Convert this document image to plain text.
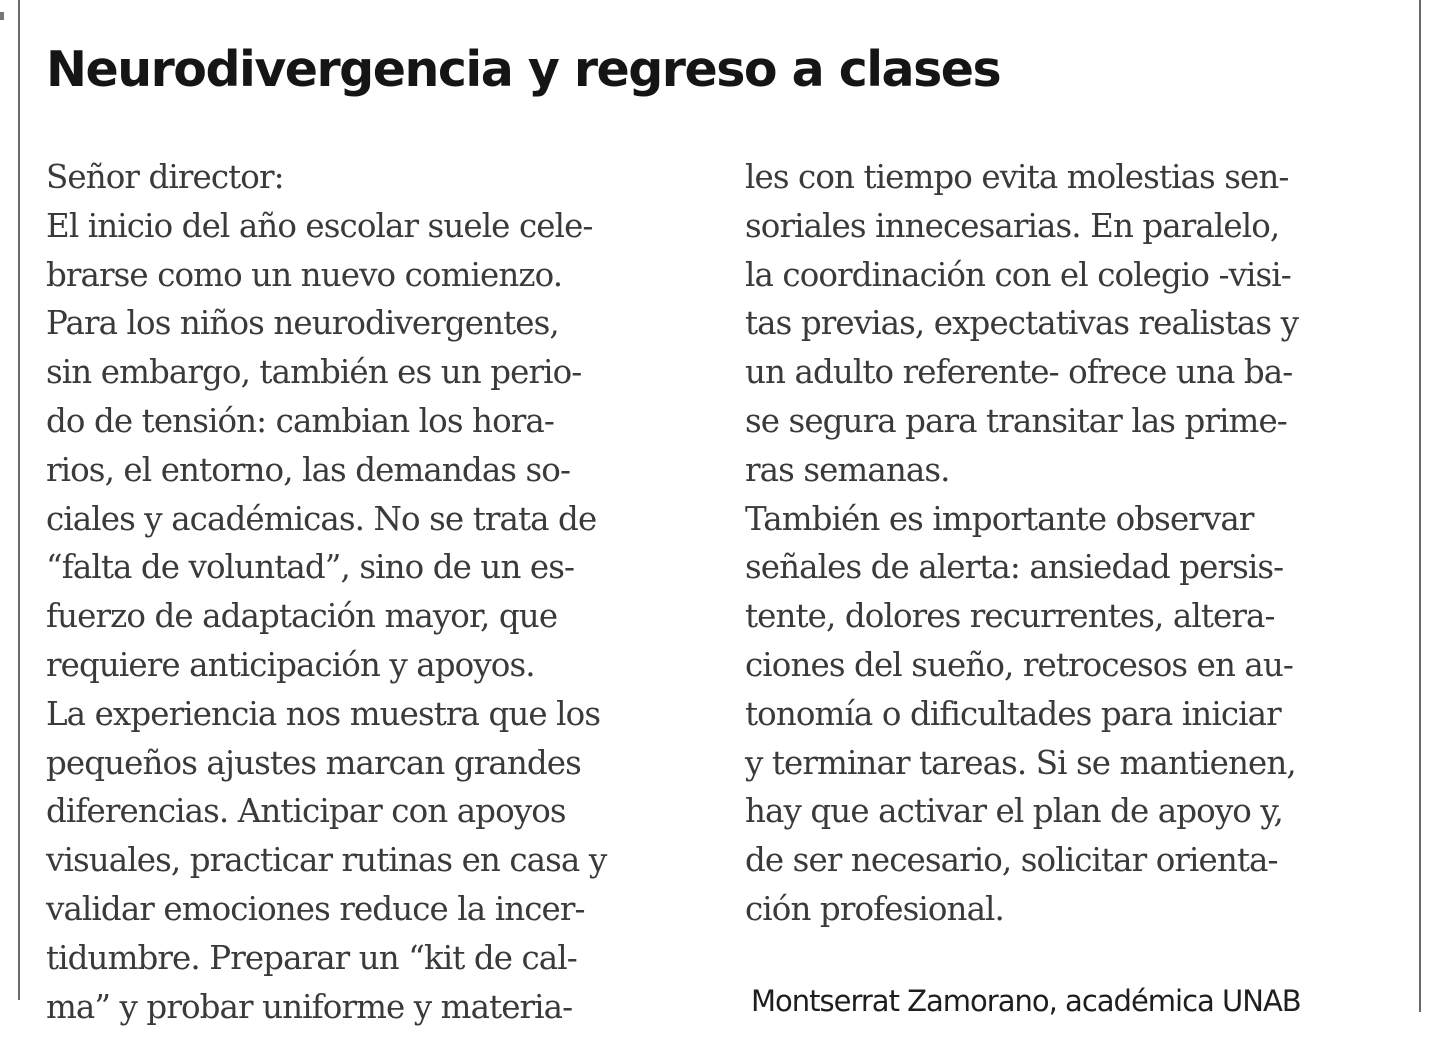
Neurodivergencia y regreso a clases
Señor director:
El inicio del año escolar suele cele-
brarse como un nuevo comienzo.
Para los niños neurodivergentes,
sin embargo, también es un perio-
do de tensión: cambian los hora-
rios, el entorno, las demandas so-
ciales y académicas. No se trata de
“falta de voluntad”, sino de un es-
fuerzo de adaptación mayor, que
requiere anticipación y apoyos.
La experiencia nos muestra que los
pequeños ajustes marcan grandes
diferencias. Anticipar con apoyos
visuales, practicar rutinas en casa y
validar emociones reduce la incer-
tidumbre. Preparar un “kit de cal-
ma” y probar uniforme y materia-
les con tiempo evita molestias sen-
soriales innecesarias. En paralelo,
la coordinación con el colegio -visi-
tas previas, expectativas realistas y
un adulto referente- ofrece una ba-
se segura para transitar las prime-
ras semanas.
También es importante observar
señales de alerta: ansiedad persis-
tente, dolores recurrentes, altera-
ciones del sueño, retrocesos en au-
tonomía o dificultades para iniciar
y terminar tareas. Si se mantienen,
hay que activar el plan de apoyo y,
de ser necesario, solicitar orienta-
ción profesional.
Montserrat Zamorano, académica UNAB
